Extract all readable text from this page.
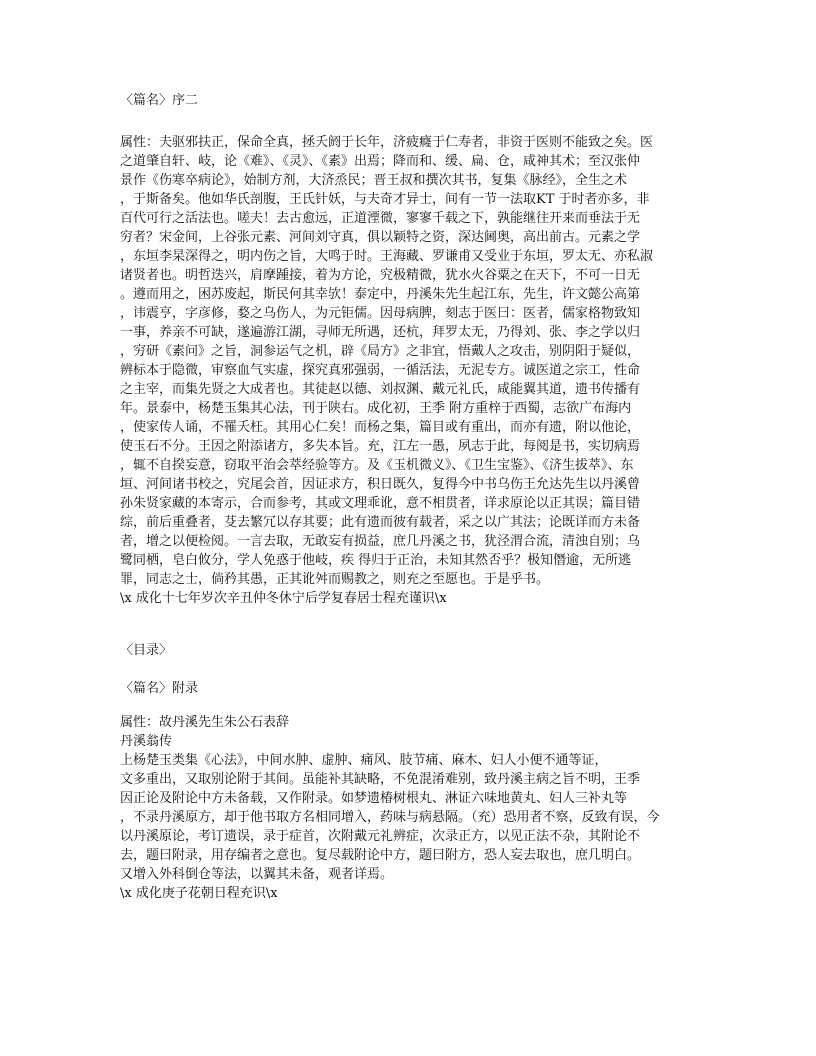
〈篇名〉序二
属性：夫驱邪扶正，保命全真，拯夭阏于长年，济疲癃于仁寿者，非资于医则不能致之矣。医
之道肇自轩、岐，论《难》、《灵》、《素》出焉；降而和、缓、扁、仓，咸神其术；至汉张仲
景作《伤寒卒病论》，始制方剂，大济烝民；晋王叔和撰次其书，复集《脉经》，全生之术
，于斯备矣。他如华氏剖腹，王氏针妖，与夫奇才异士，间有一节一法取KT 于时者亦多，非
百代可行之活法也。嗟夫！去古愈远，正道湮微，寥寥千载之下，孰能继往开来而垂法于无
穷者？宋金间，上谷张元素、河间刘守真，俱以颖特之资，深达阃奥，高出前古。元素之学
，东垣李杲深得之，明内伤之旨，大鸣于时。王海藏、罗谦甫又受业于东垣，罗太无、亦私淑
诸贤者也。明哲迭兴，肩摩踵接，着为方论，究极精微，犹水火谷粟之在天下，不可一日无
。遵而用之，困苏废起，斯民何其幸欤！泰定中，丹溪朱先生起江东，先生，许文懿公高第
，讳震亨，字彦修，婺之乌伤人，为元钜儒。因母病脾，刻志于医曰：医者，儒家格物致知
一事，养亲不可缺，遂遍游江湖，寻师无所遇，还杭，拜罗太无，乃得刘、张、李之学以归
，穷研《素问》之旨，洞参运气之机，辟《局方》之非宜，悟戴人之攻击，别阴阳于疑似，
辨标本于隐微，审察血气实虚，探究真邪强弱，一循活法，无泥专方。诚医道之宗工，性命
之主宰，而集先贤之大成者也。其徒赵以德、刘叔渊、戴元礼氏，咸能翼其道，遗书传播有
年。景泰中，杨楚玉集其心法，刊于陕右。成化初，王季 附方重梓于西蜀，志欲广布海内
，使家传人诵，不罹夭枉。其用心仁矣！而杨之集，篇目或有重出，而亦有遗，附以他论，
使玉石不分。王因之附添诸方，多失本旨。充，江左一愚，夙志于此，每阅是书，实切病焉
，辄不自揆妄意，窃取平治会萃经验等方。及《玉机微义》、《卫生宝鉴》、《济生拔萃》、东
垣、河间诸书校之，究尾会首，因证求方，积日既久，复得今中书乌伤王允达先生以丹溪曾
孙朱贤家藏的本寄示，合而参考，其或文理乖讹，意不相贯者，详求原论以正其误；篇目错
综，前后重叠者，芟去繁冗以存其要；此有遗而彼有载者，采之以广其法；论既详而方未备
者，增之以便检阅。一言去取，无敢妄有损益，庶几丹溪之书，犹泾渭合流，清浊自别；乌
鹭同栖，皂白攸分，学人免惑于他岐，疾 得归于正治，未知其然否乎？极知僭逾，无所逃
罪，同志之士，倘矜其愚，正其讹舛而赐教之，则充之至愿也。于是乎书。
\x 成化十七年岁次辛丑仲冬休宁后学复春居士程充谨识\x
〈目录〉
〈篇名〉附录
属性：故丹溪先生朱公石表辞
丹溪翁传
上杨楚玉类集《心法》，中间水肿、虚肿、痛风、肢节痛、麻木、妇人小便不通等证，
文多重出，又取别论附于其间。虽能补其缺略，不免混淆难别，致丹溪主病之旨不明，王季
因正论及附论中方未备载，又作附录。如梦遗椿树根丸、淋证六味地黄丸、妇人三补丸等
，不录丹溪原方，却于他书取方名相同增入，药味与病悬隔。（充）恐用者不察，反致有误，今
以丹溪原论，考订遗误，录于症首，次附戴元礼辨症，次录正方，以见正法不杂，其附论不
去，题曰附录，用存编者之意也。复尽载附论中方，题曰附方，恐人妄去取也，庶几明白。
又增入外科倒仓等法，以翼其未备，观者详焉。
\x 成化庚子花朝日程充识\x
